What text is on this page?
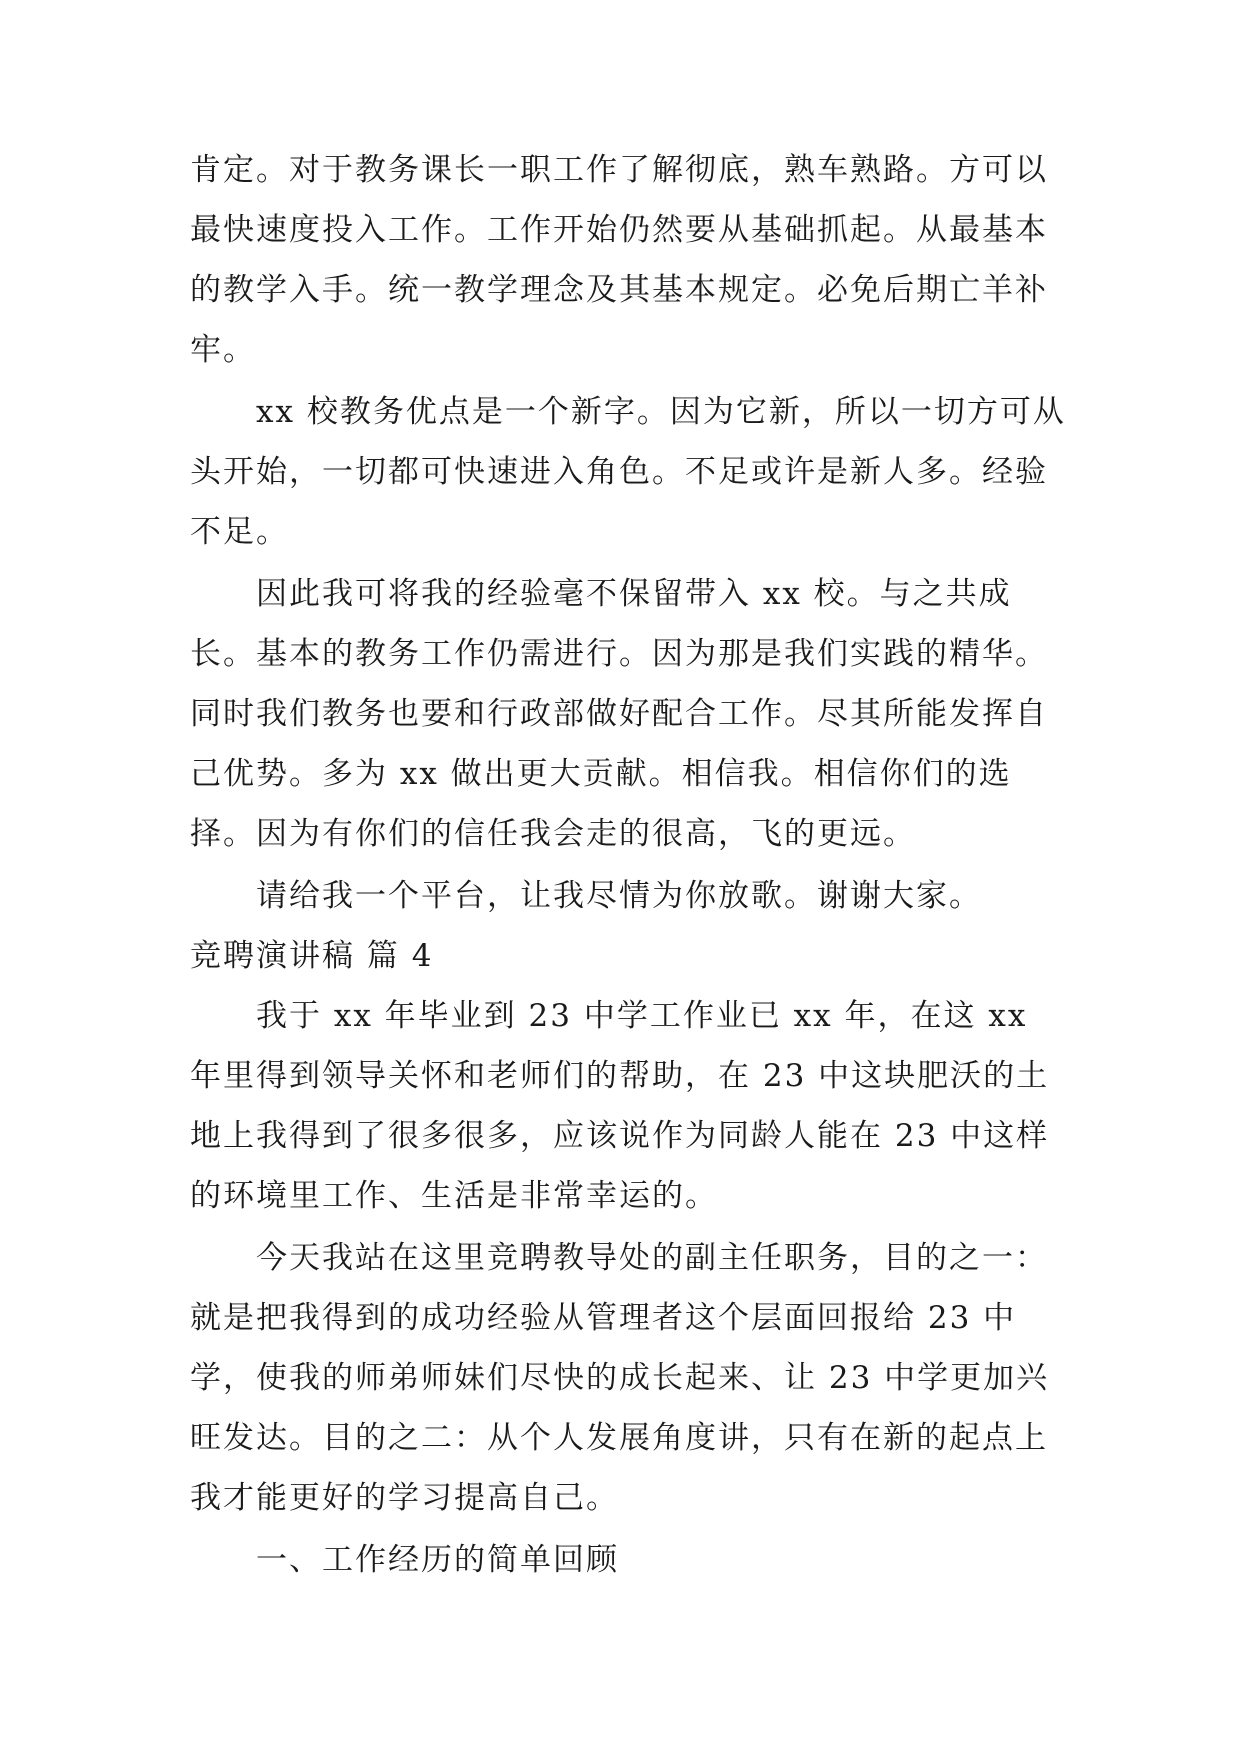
肯定。对于教务课长一职工作了解彻底，熟车熟路。方可以最快速度投入工作。工作开始仍然要从基础抓起。从最基本的教学入手。统一教学理念及其基本规定。必免后期亡羊补牢。

xx 校教务优点是一个新字。因为它新，所以一切方可从头开始，一切都可快速进入角色。不足或许是新人多。经验不足。

因此我可将我的经验毫不保留带入 xx 校。与之共成长。基本的教务工作仍需进行。因为那是我们实践的精华。同时我们教务也要和行政部做好配合工作。尽其所能发挥自己优势。多为 xx 做出更大贡献。相信我。相信你们的选择。因为有你们的信任我会走的很高，飞的更远。

请给我一个平台，让我尽情为你放歌。谢谢大家。

竞聘演讲稿 篇 4

我于 xx 年毕业到 23 中学工作业已 xx 年，在这 xx 年里得到领导关怀和老师们的帮助，在 23 中这块肥沃的土地上我得到了很多很多，应该说作为同龄人能在 23 中这样的环境里工作、生活是非常幸运的。

今天我站在这里竞聘教导处的副主任职务，目的之一：就是把我得到的成功经验从管理者这个层面回报给 23 中学，使我的师弟师妹们尽快的成长起来、让 23 中学更加兴旺发达。目的之二：从个人发展角度讲，只有在新的起点上我才能更好的学习提高自己。

一、工作经历的简单回顾
